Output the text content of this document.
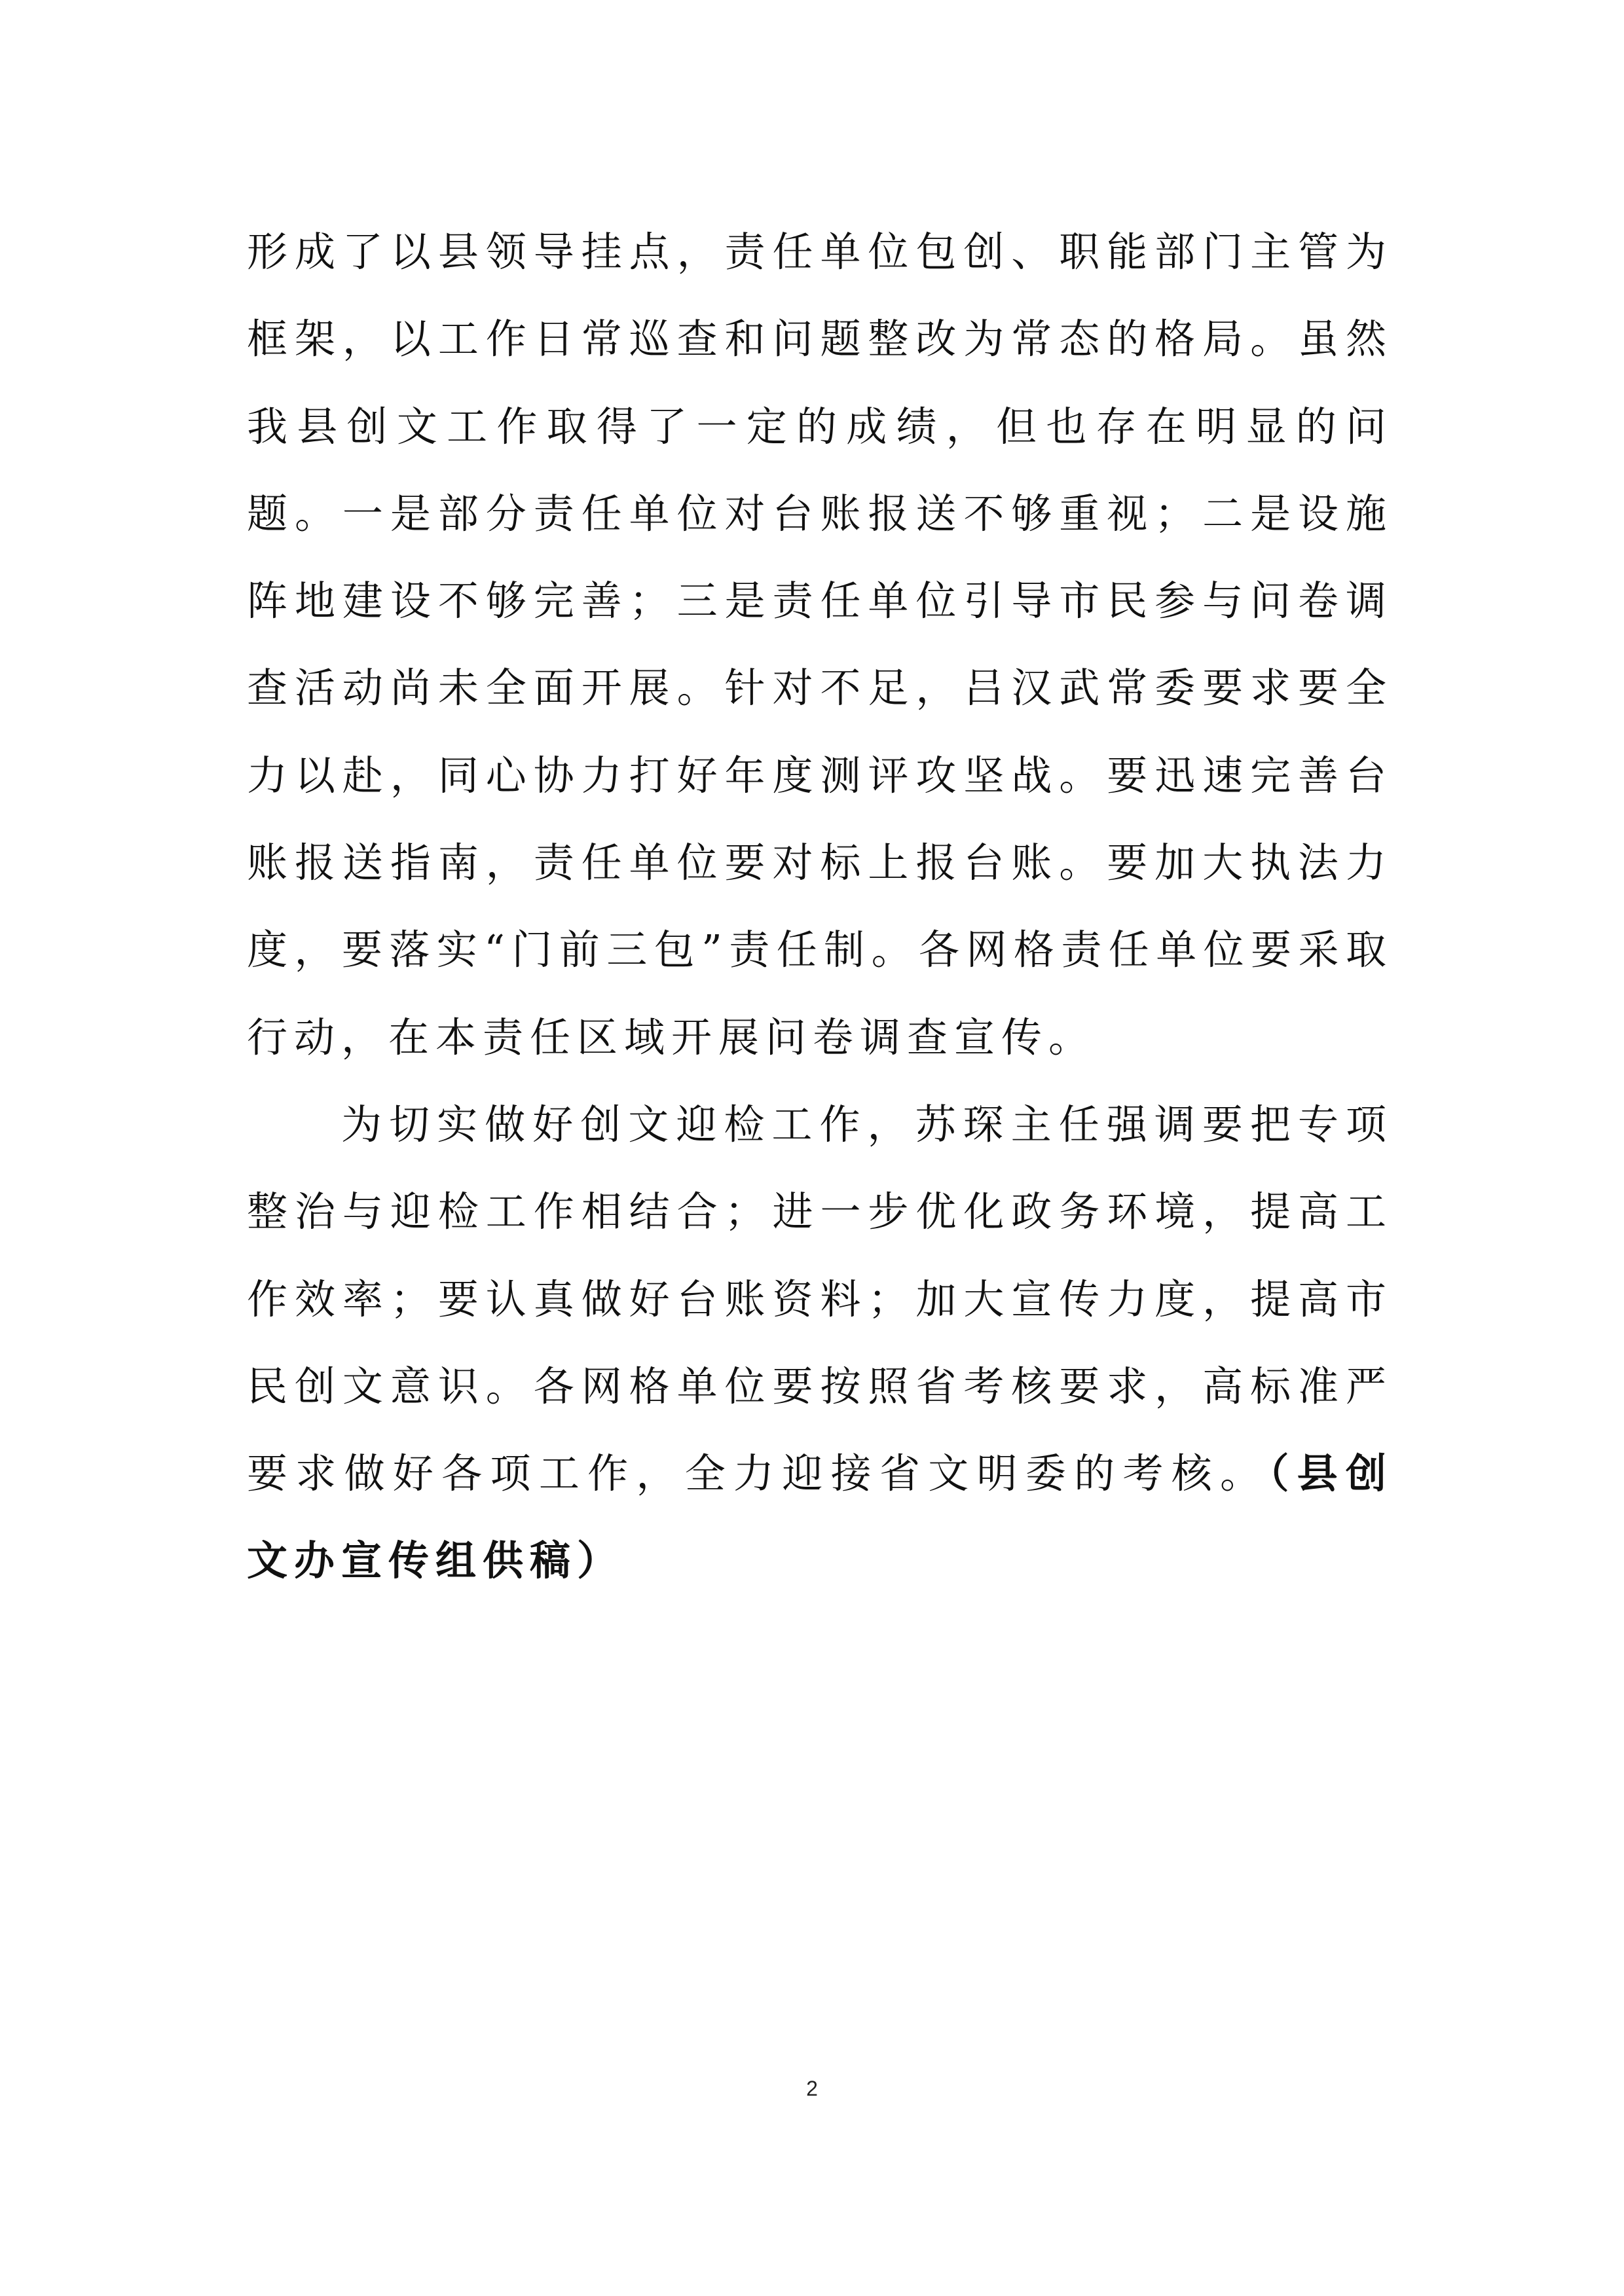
形成了以县领导挂点，责任单位包创、职能部门主管为框架，以工作日常巡查和问题整改为常态的格局。虽然我县创文工作取得了一定的成绩，但也存在明显的问题。一是部分责任单位对台账报送不够重视；二是设施阵地建设不够完善；三是责任单位引导市民参与问卷调查活动尚未全面开展。针对不足，吕汉武常委要求要全力以赴，同心协力打好年度测评攻坚战。要迅速完善台账报送指南，责任单位要对标上报台账。要加大执法力度，要落实“门前三包”责任制。各网格责任单位要采取行动，在本责任区域开展问卷调查宣传。

为切实做好创文迎检工作，苏琛主任强调要把专项整治与迎检工作相结合；进一步优化政务环境，提高工作效率；要认真做好台账资料；加大宣传力度，提高市民创文意识。各网格单位要按照省考核要求，高标准严要求做好各项工作，全力迎接省文明委的考核。（县创文办宣传组供稿）

2
